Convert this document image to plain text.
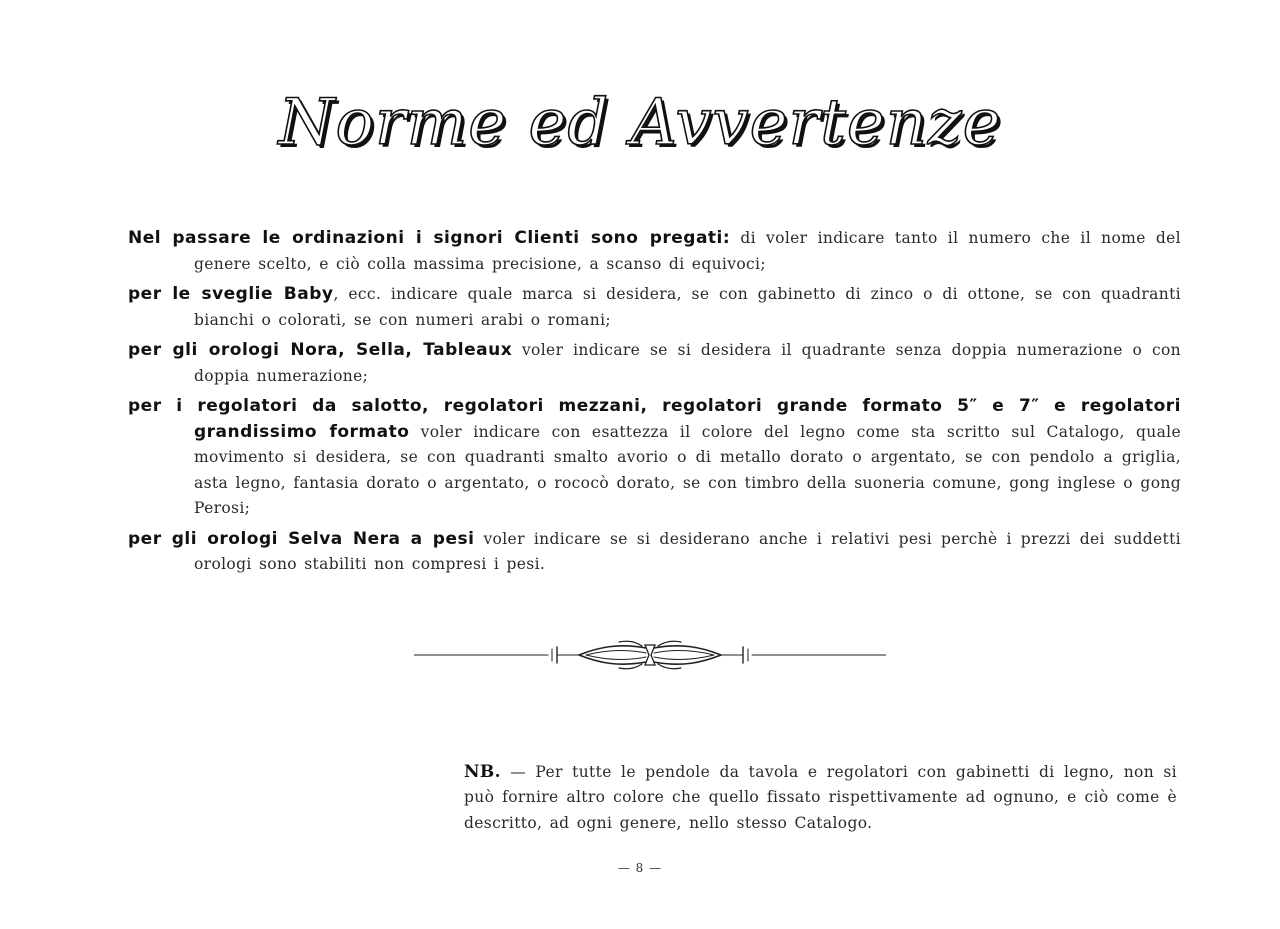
Norme ed Avvertenze

Nel passare le ordinazioni i signori Clienti sono pregati: di voler indicare tanto il numero che il nome del genere scelto, e ciò colla massima precisione, a scanso di equivoci;

per le sveglie Baby, ecc. indicare quale marca si desidera, se con gabinetto di zinco o di ottone, se con quadranti bianchi o colorati, se con numeri arabi o romani;

per gli orologi Nora, Sella, Tableaux voler indicare se si desidera il quadrante senza doppia numerazione o con doppia numerazione;

per i regolatori da salotto, regolatori mezzani, regolatori grande formato 5″ e 7″ e regolatori grandissimo formato voler indicare con esattezza il colore del legno come sta scritto sul Catalogo, quale movimento si desidera, se con quadranti smalto avorio o di metallo dorato o argentato, se con pendolo a griglia, asta legno, fantasia dorato o argentato, o rococò dorato, se con timbro della suoneria comune, gong inglese o gong Perosi;

per gli orologi Selva Nera a pesi voler indicare se si desiderano anche i relativi pesi perchè i prezzi dei suddetti orologi sono stabiliti non compresi i pesi.

NB. — Per tutte le pendole da tavola e regolatori con gabinetti di legno, non si può fornire altro colore che quello fissato rispettivamente ad ognuno, e ciò come è descritto, ad ogni genere, nello stesso Catalogo.

— 8 —
